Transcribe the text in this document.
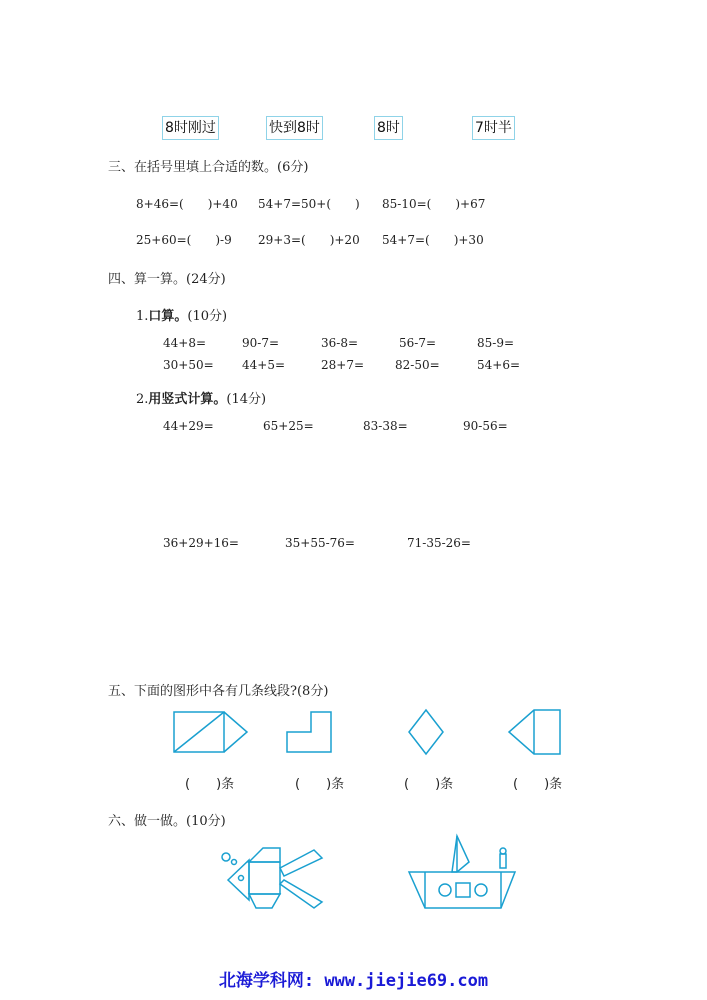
8时刚过	快到8时	8时	7时半
三、在括号里填上合适的数。(6分)
8+46=(　　)+40 54+7=50+(　　) 85-10=(　　)+67
25+60=(　　)-9 29+3=(　　)+20 54+7=(　　)+30
四、算一算。(24分)
1.口算。(10分)
44+8=	90-7=	36-8=	56-7=	85-9=
30+50= 44+5=	28+7=	82-50=	54+6=
2.用竖式计算。(14分)
44+29=	65+25=	83-38=	90-56=
36+29+16=	35+55-76=	71-35-26=
五、下面的图形中各有几条线段?(8分)
(　　)条	(　　)条	(　　)条	(　　)条
六、做一做。(10分)
北海学科网: www.jiejie69.com
